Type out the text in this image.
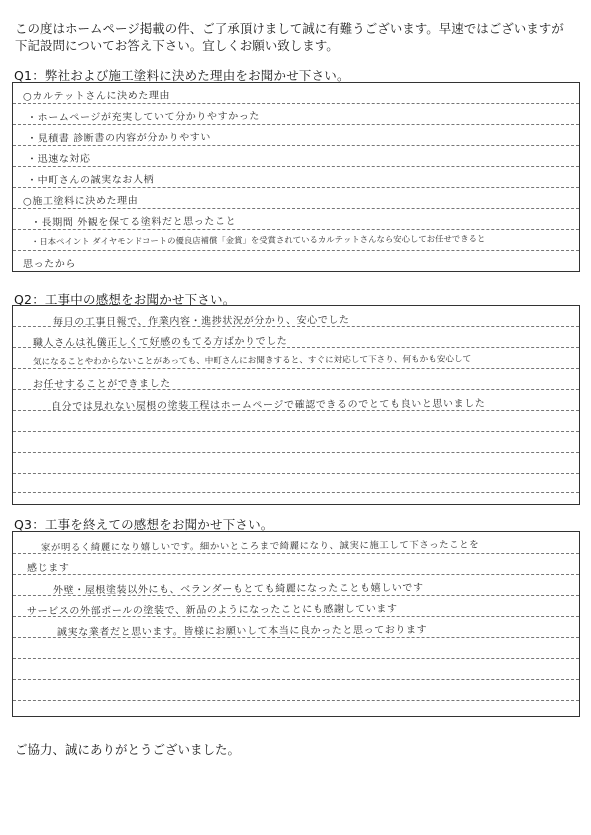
この度はホームページ掲載の件、ご了承頂けまして誠に有難うございます。早速ではございますが
下記設問についてお答え下さい。宜しくお願い致します。
Q1：弊社および施工塗料に決めた理由をお聞かせ下さい。
○カルテットさんに決めた理由
・ホームページが充実していて分かりやすかった
・見積書 診断書の内容が分かりやすい
・迅速な対応
・中町さんの誠実なお人柄
○施工塗料に決めた理由
・長期間 外観を保てる塗料だと思ったこと
・日本ペイント ダイヤモンドコートの優良店補償「金賞」を受賞されているカルテットさんなら安心してお任せできると
思ったから
Q2：工事中の感想をお聞かせ下さい。
毎日の工事日報で、作業内容・進捗状況が分かり、安心でした
職人さんは礼儀正しくて好感のもてる方ばかりでした
気になることやわからないことがあっても、中町さんにお聞きすると、すぐに対応して下さり、何もかも安心して
お任せすることができました
自分では見れない屋根の塗装工程はホームページで確認できるのでとても良いと思いました
Q3：工事を終えての感想をお聞かせ下さい。
家が明るく綺麗になり嬉しいです。細かいところまで綺麗になり、誠実に施工して下さったことを
感じます
外壁・屋根塗装以外にも、ベランダーもとても綺麗になったことも嬉しいです
サービスの外部ポールの塗装で、新品のようになったことにも感謝しています
誠実な業者だと思います。皆様にお願いして本当に良かったと思っております
ご協力、誠にありがとうございました。
